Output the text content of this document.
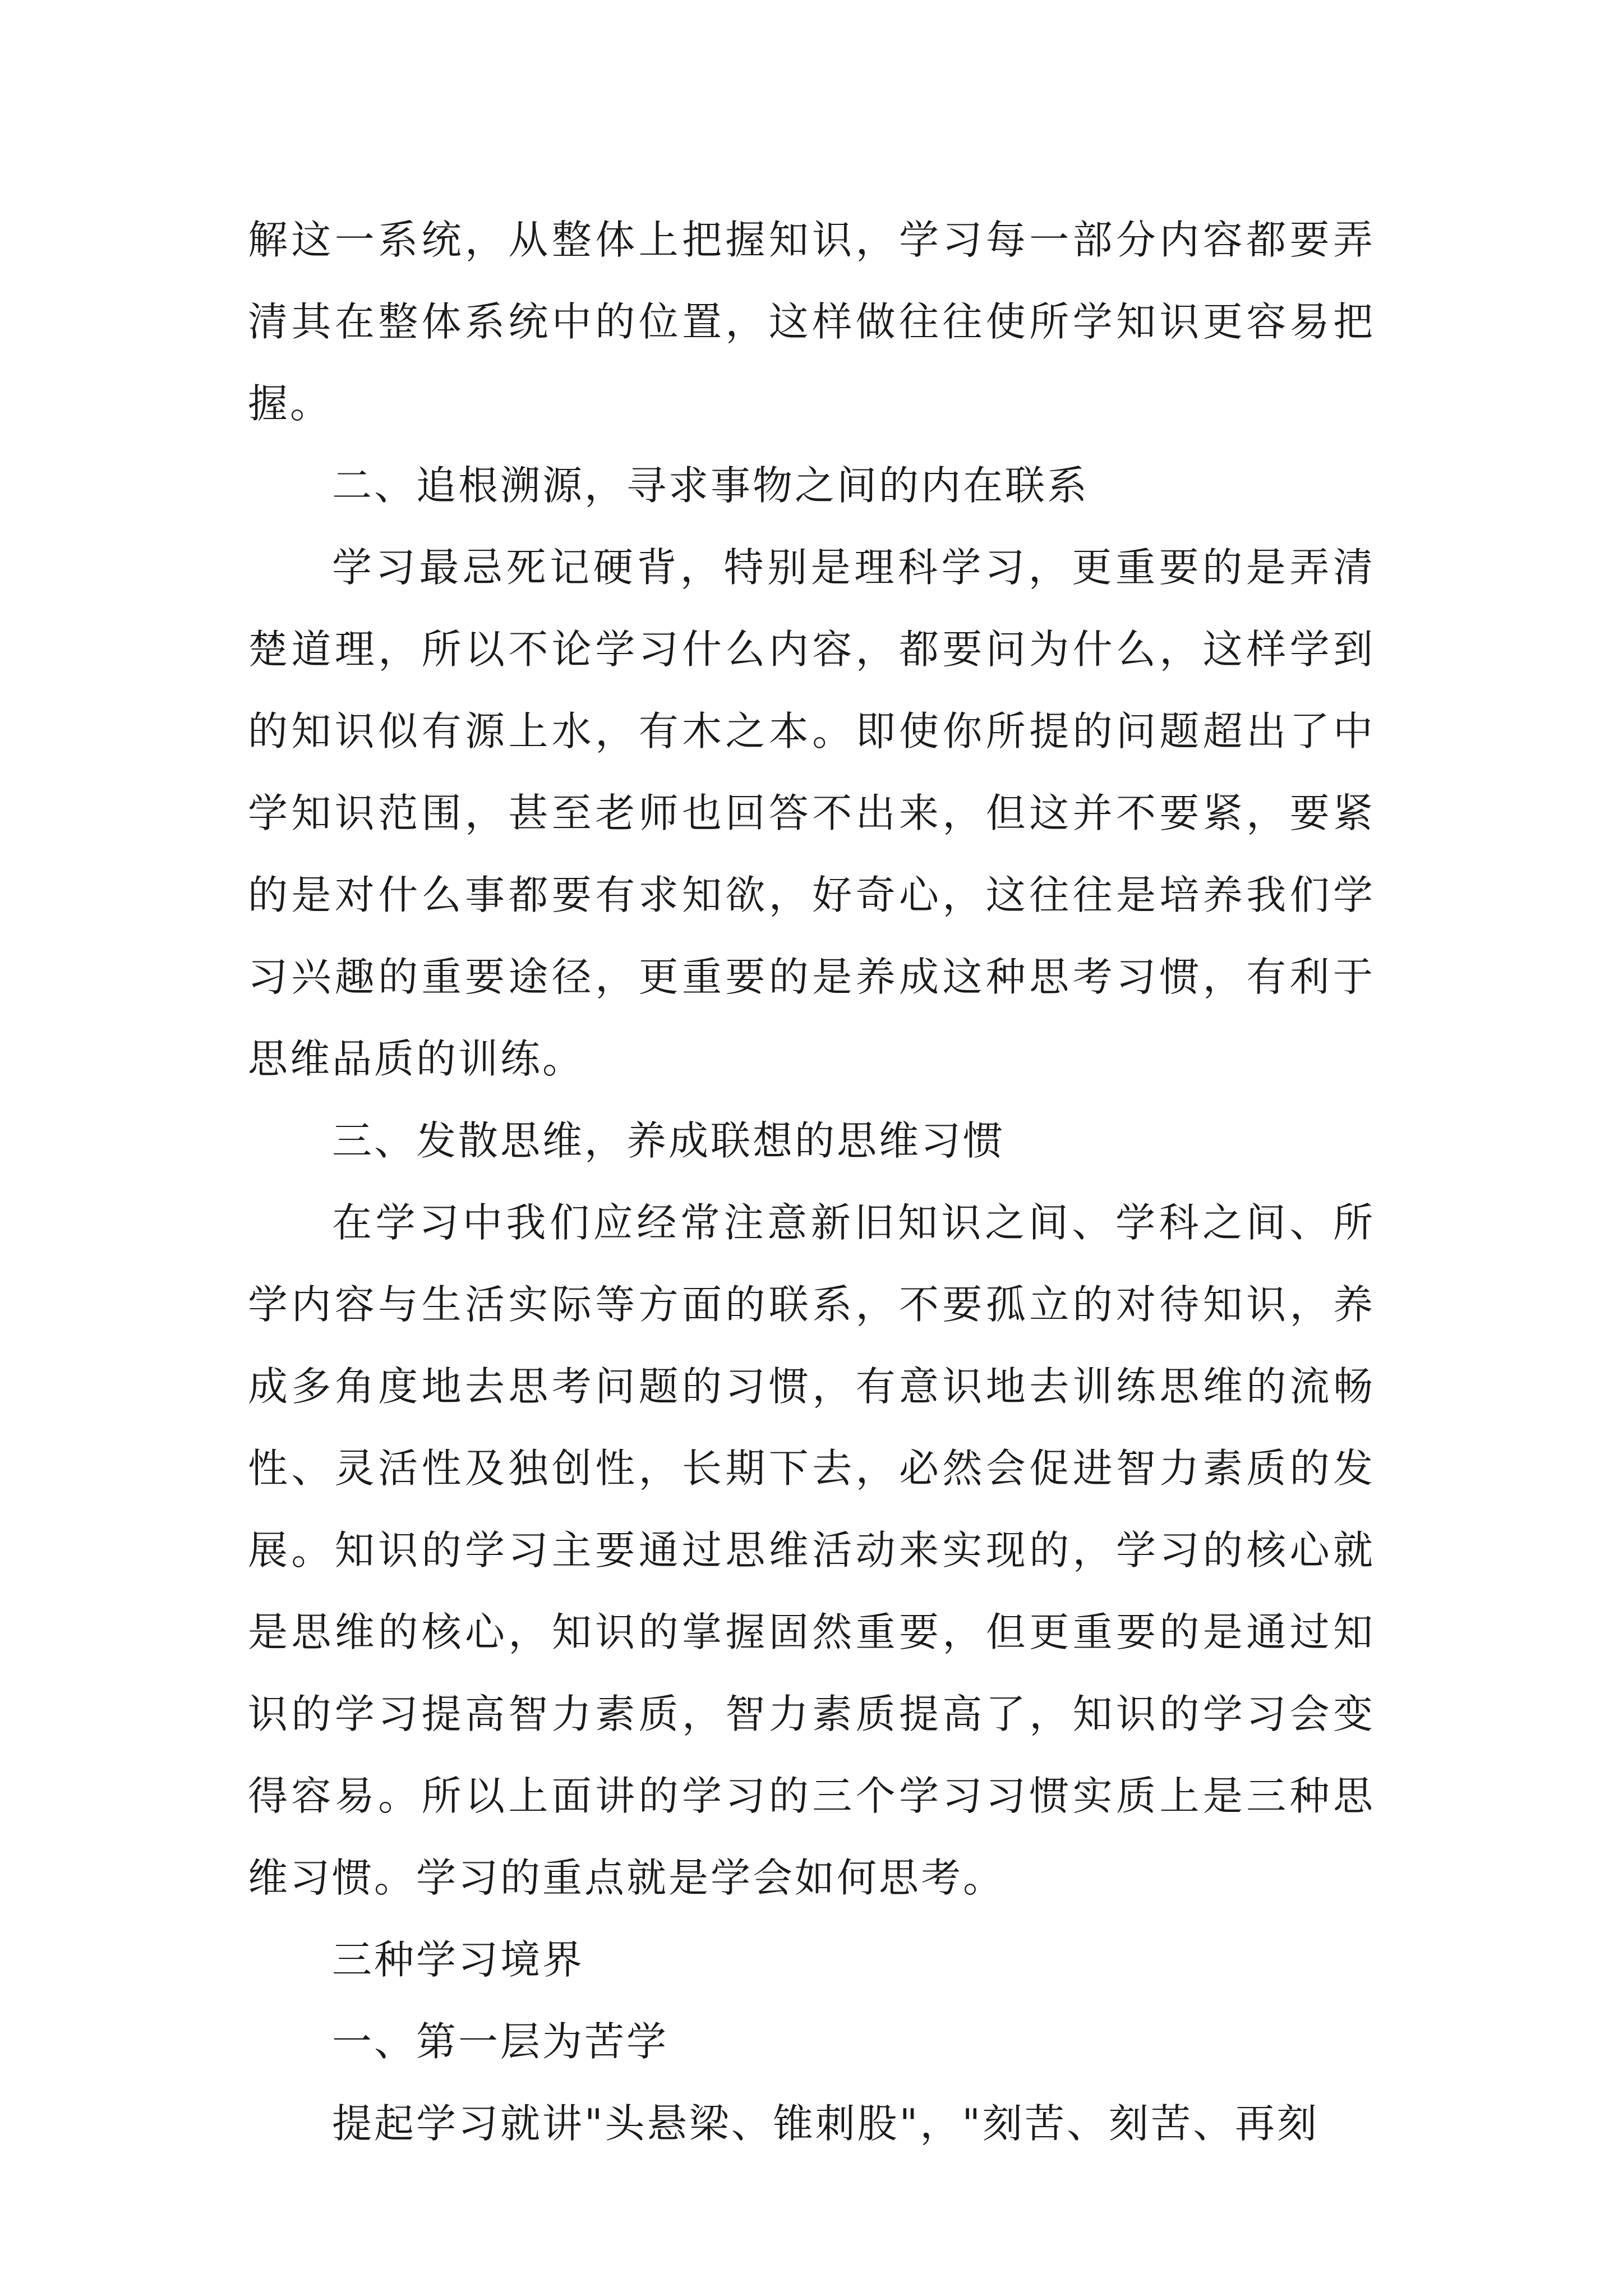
解这一系统，从整体上把握知识，学习每一部分内容都要弄清其在整体系统中的位置，这样做往往使所学知识更容易把握。

二、追根溯源，寻求事物之间的内在联系

学习最忌死记硬背，特别是理科学习，更重要的是弄清楚道理，所以不论学习什么内容，都要问为什么，这样学到的知识似有源上水，有木之本。即使你所提的问题超出了中学知识范围，甚至老师也回答不出来，但这并不要紧，要紧的是对什么事都要有求知欲，好奇心，这往往是培养我们学习兴趣的重要途径，更重要的是养成这种思考习惯，有利于思维品质的训练。

三、发散思维，养成联想的思维习惯

在学习中我们应经常注意新旧知识之间、学科之间、所学内容与生活实际等方面的联系，不要孤立的对待知识，养成多角度地去思考问题的习惯，有意识地去训练思维的流畅性、灵活性及独创性，长期下去，必然会促进智力素质的发展。知识的学习主要通过思维活动来实现的，学习的核心就是思维的核心，知识的掌握固然重要，但更重要的是通过知识的学习提高智力素质，智力素质提高了，知识的学习会变得容易。所以上面讲的学习的三个学习习惯实质上是三种思维习惯。学习的重点就是学会如何思考。

三种学习境界

一、第一层为苦学

提起学习就讲"头悬梁、锥刺股"，"刻苦、刻苦、再刻
